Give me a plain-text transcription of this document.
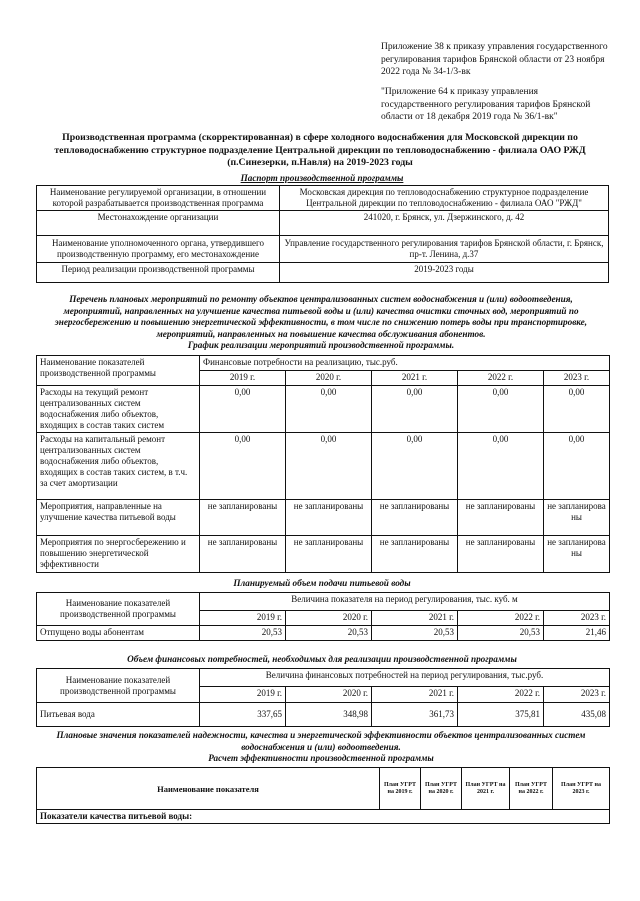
Приложение 38 к приказу управления государственного
регулирования тарифов Брянской области от 23 ноября
2022 года № 34-1/3-вк
"Приложение 64 к приказу управления
государственного регулирования тарифов Брянской
области от 18 декабря 2019 года № 36/1-вк"
Производственная программа (скорректированная) в сфере холодного водоснабжения для Московской дирекции по
тепловодоснабжению структурное подразделение Центральной дирекции по тепловодоснабжению - филиала ОАО РЖД
(п.Синезерки, п.Навля) на 2019-2023 годы
Паспорт производственной программы
Наименование регулируемой организации, в отношении которой разрабатывается производственная программа	Московская дирекция по тепловодоснабжению структурное подразделение Центральной дирекции по тепловодоснабжению - филиала ОАО "РЖД"
Местонахождение организации	241020, г. Брянск, ул. Дзержинского, д. 42
Наименование уполномоченного органа, утвердившего производственную программу, его местонахождение	Управление государственного регулирования тарифов Брянской области, г. Брянск, пр-т. Ленина, д.37
Период реализации производственной программы	2019-2023 годы
Перечень плановых мероприятий по ремонту объектов централизованных систем водоснабжения и (или) водоотведения,
мероприятий, направленных на улучшение качества питьевой воды и (или) качества очистки сточных вод, мероприятий по
энергосбережению и повышению энергетической эффективности, в том числе по снижению потерь воды при транспортировке,
мероприятий, направленных на повышение качества обслуживания абонентов.
График реализации мероприятий производственной программы.
Наименование показателей производственной программы	Финансовые потребности на реализацию, тыс.руб.				
	2019 г.	2020 г.	2021 г.	2022 г.	2023 г.
Расходы на текущий ремонт централизованных систем водоснабжения либо объектов, входящих в состав таких систем	0,00	0,00	0,00	0,00	0,00
Расходы на капитальный ремонт централизованных систем водоснабжения либо объектов, входящих в состав таких систем, в т.ч. за счет амортизации	0,00	0,00	0,00	0,00	0,00
Мероприятия, направленные на улучшение качества питьевой воды	не запланированы	не запланированы	не запланированы	не запланированы	не запланирова ны
Мероприятия по энергосбережению и повышению энергетической эффективности	не запланированы	не запланированы	не запланированы	не запланированы	не запланирова ны
Планируемый объем подачи питьевой воды
Наименование показателей производственной программы	Величина показателя на период регулирования, тыс. куб. м				
	2019 г.	2020 г.	2021 г.	2022 г.	2023 г.
Отпущено воды абонентам	20,53	20,53	20,53	20,53	21,46
Объем финансовых потребностей, необходимых для реализации производственной программы
Наименование показателей производственной программы	Величина финансовых потребностей на период регулирования, тыс.руб.				
	2019 г.	2020 г.	2021 г.	2022 г.	2023 г.
Питьевая вода	337,65	348,98	361,73	375,81	435,08
Плановые значения показателей надежности, качества и энергетической эффективности объектов централизованных систем
водоснабжения и (или) водоотведения.
Расчет эффективности производственной программы
Наименование показателя	План УГРТ на 2019 г.	План УГРТ на 2020 г.	План УГРТ на 2021 г.	План УГРТ на 2022 г.	План УГРТ на 2023 г.
Показатели качества питьевой воды:
